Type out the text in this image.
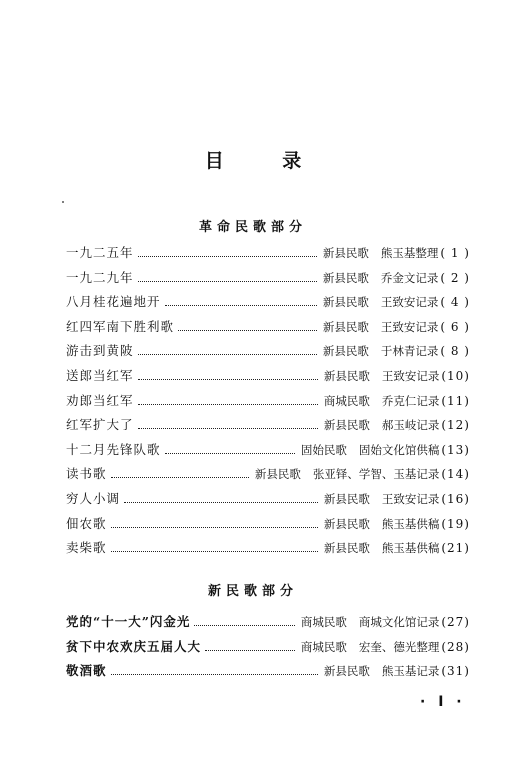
目 录
革命民歌部分
一九二五年	新县民歌 熊玉基整理 ( 1 )
一九二九年	新县民歌 乔金文记录 ( 2 )
八月桂花遍地开	新县民歌 王致安记录 ( 4 )
红四军南下胜利歌	新县民歌 王致安记录 ( 6 )
游击到黄陂	新县民歌 于林青记录 ( 8 )
送郎当红军	新县民歌 王致安记录 (10)
劝郎当红军	商城民歌 乔克仁记录 (11)
红军扩大了	新县民歌 郝玉岐记录 (12)
十二月先锋队歌	固始民歌 固始文化馆供稿 (13)
读书歌	新县民歌 张亚铎、学智、玉基记录 (14)
穷人小调	新县民歌 王致安记录 (16)
佃农歌	新县民歌 熊玉基供稿 (19)
卖柴歌	新县民歌 熊玉基供稿 (21)
新民歌部分
党的“十一大”闪金光	商城民歌 商城文化馆记录 (27)
贫下中农欢庆五届人大	商城民歌 宏奎、德光整理 (28)
敬酒歌	新县民歌 熊玉基记录 (31)
· I ·
